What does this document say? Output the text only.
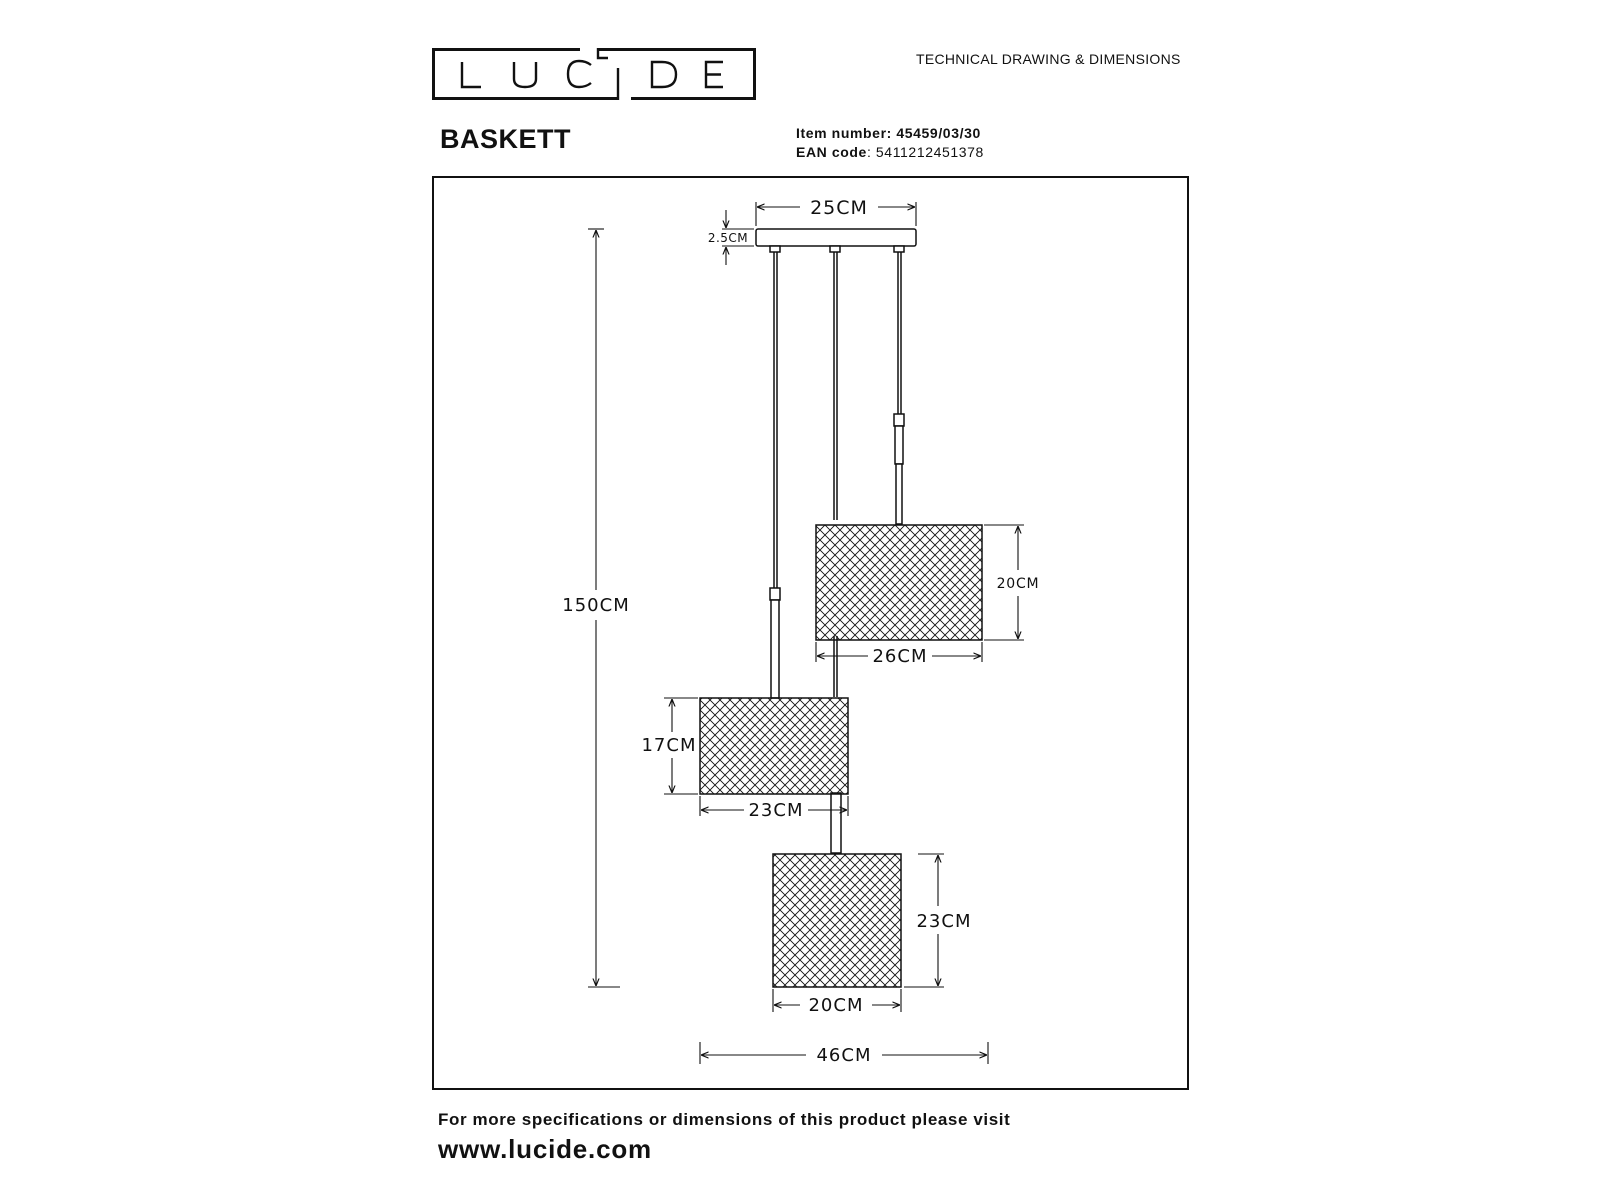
LUCIDE
TECHNICAL DRAWING & DIMENSIONS
BASKETT	Item number: 45459/03/30
EAN code: 5411212451378
25CM
2.5CM
150CM
20CM
26CM
17CM
23CM
23CM
20CM
46CM
For more specifications or dimensions of this product please visit
www.lucide.com
